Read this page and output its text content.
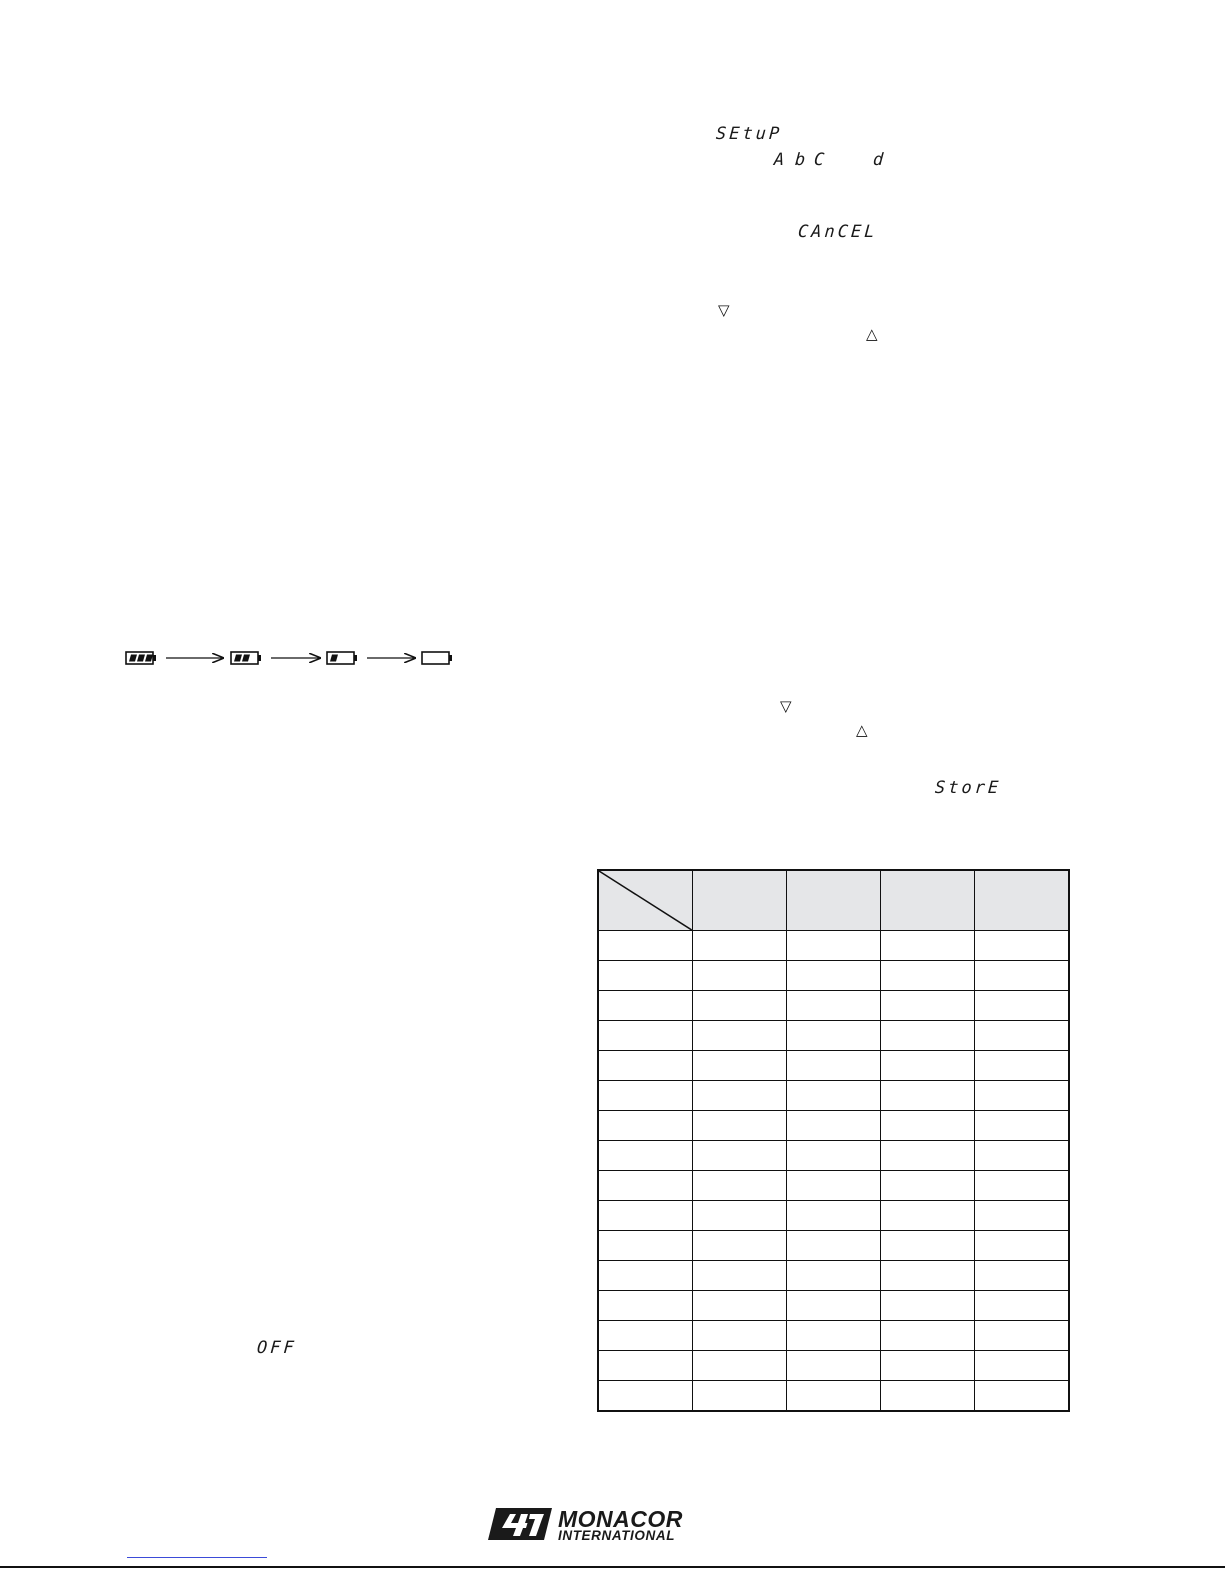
SEtuP
A b C	d
CAnCEL
▽
△
▽
△
StorE
OFF

MONACOR
INTERNATIONAL
